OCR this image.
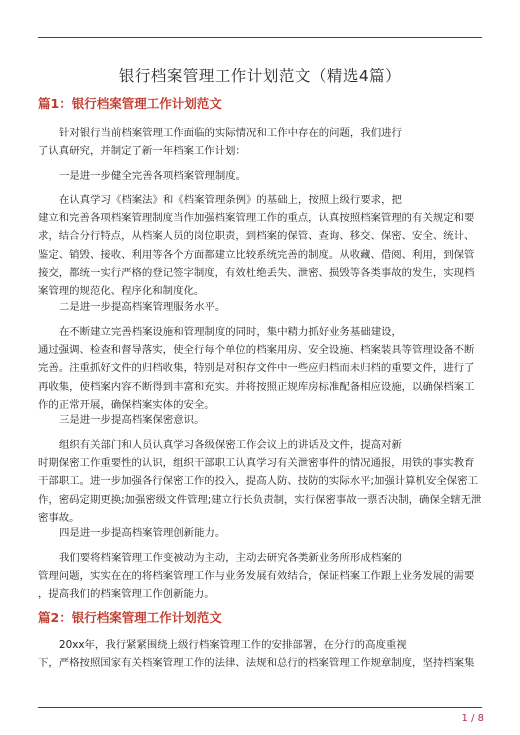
银行档案管理工作计划范文（精选4篇）
篇1：银行档案管理工作计划范文
针对银行当前档案管理工作面临的实际情况和工作中存在的问题，我们进行
了认真研究，并制定了新一年档案工作计划：
一是进一步健全完善各项档案管理制度。
在认真学习《档案法》和《档案管理条例》的基础上，按照上级行要求，把
建立和完善各项档案管理制度当作加强档案管理工作的重点，认真按照档案管理的有关规定和要
求，结合分行特点，从档案人员的岗位职责，到档案的保管、查询、移交、保密、安全、统计、
鉴定、销毁、接收、利用等各个方面都建立比较系统完善的制度。从收藏、借阅、利用，到保管
接交，都统一实行严格的登记签字制度，有效杜绝丢失、泄密、损毁等各类事故的发生，实现档
案管理的规范化、程序化和制度化。
二是进一步提高档案管理服务水平。
在不断建立完善档案设施和管理制度的同时，集中精力抓好业务基础建设，
通过强调、检查和督导落实，使全行每个单位的档案用房、安全设施、档案装具等管理设备不断
完善。注重抓好文件的归档收集，特别是对积存文件中一些应归档而未归档的重要文件，进行了
再收集，使档案内容不断得到丰富和充实。并将按照正规库房标准配备相应设施，以确保档案工
作的正常开展，确保档案实体的安全。
三是进一步提高档案保密意识。
组织有关部门和人员认真学习各级保密工作会议上的讲话及文件，提高对新
时期保密工作重要性的认识，组织干部职工认真学习有关泄密事件的情况通报，用铁的事实教育
干部职工。进一步加强各行保密工作的投入，提高人防、技防的实际水平;加强计算机安全保密工
作，密码定期更换;加强密级文件管理;建立行长负责制，实行保密事故一票否决制，确保全辖无泄
密事故。
四是进一步提高档案管理创新能力。
我们要将档案管理工作变被动为主动，主动去研究各类新业务所形成档案的
管理问题，实实在在的将档案管理工作与业务发展有效结合，保证档案工作跟上业务发展的需要
，提高我们的档案管理工作创新能力。
篇2：银行档案管理工作计划范文
20xx年，我行紧紧围绕上级行档案管理工作的安排部署，在分行的高度重视
下，严格按照国家有关档案管理工作的法律、法规和总行的档案管理工作规章制度，坚持档案集
1 / 8
